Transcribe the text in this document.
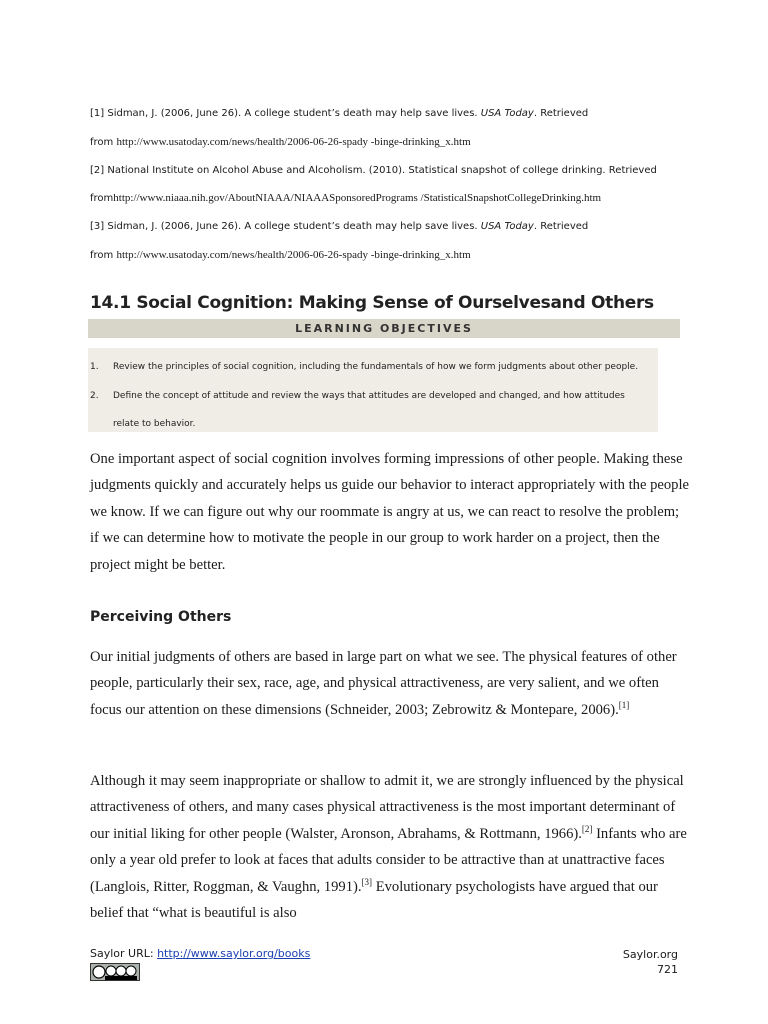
[1] Sidman, J. (2006, June 26). A college student’s death may help save lives. USA Today. Retrieved
from http://www.usatoday.com/news/health/2006-06-26-spady -binge-drinking_x.htm
[2] National Institute on Alcohol Abuse and Alcoholism. (2010). Statistical snapshot of college drinking. Retrieved
fromhttp://www.niaaa.nih.gov/AboutNIAAA/NIAAASponsoredPrograms /StatisticalSnapshotCollegeDrinking.htm
[3] Sidman, J. (2006, June 26). A college student’s death may help save lives. USA Today. Retrieved
from http://www.usatoday.com/news/health/2006-06-26-spady -binge-drinking_x.htm
14.1 Social Cognition: Making Sense of Ourselvesand Others
LEARNING OBJECTIVES
1. Review the principles of social cognition, including the fundamentals of how we form judgments about other people.
2. Define the concept of attitude and review the ways that attitudes are developed and changed, and how attitudes
relate to behavior.

One important aspect of social cognition involves forming impressions of other people. Making these judgments quickly and accurately helps us guide our behavior to interact appropriately with the people we know. If we can figure out why our roommate is angry at us, we can react to resolve the problem; if we can determine how to motivate the people in our group to work harder on a project, then the project might be better.

Perceiving Others

Our initial judgments of others are based in large part on what we see. The physical features of other people, particularly their sex, race, age, and physical attractiveness, are very salient, and we often focus our attention on these dimensions (Schneider, 2003; Zebrowitz & Montepare, 2006).[1]

Although it may seem inappropriate or shallow to admit it, we are strongly influenced by the physical attractiveness of others, and many cases physical attractiveness is the most important determinant of our initial liking for other people (Walster, Aronson, Abrahams, & Rottmann, 1966).[2] Infants who are only a year old prefer to look at faces that adults consider to be attractive than at unattractive faces (Langlois, Ritter, Roggman, & Vaughn, 1991).[3] Evolutionary psychologists have argued that our belief that “what is beautiful is also

Saylor URL: http://www.saylor.org/books	Saylor.org
721
